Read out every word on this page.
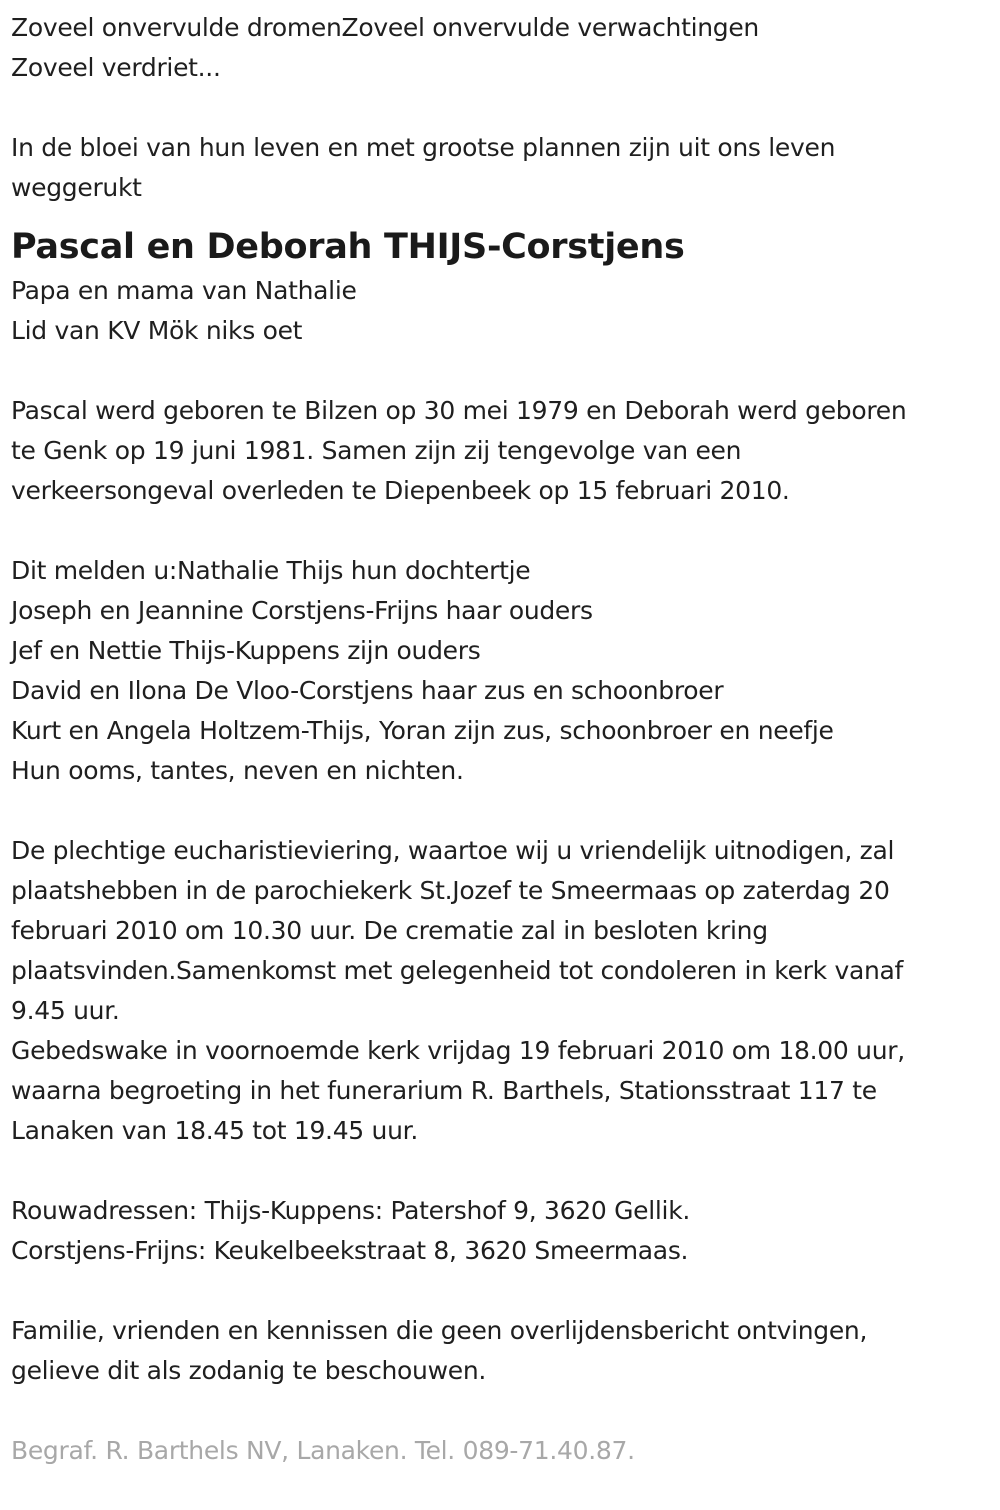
Zoveel onvervulde dromenZoveel onvervulde verwachtingen
Zoveel verdriet...
In de bloei van hun leven en met grootse plannen zijn uit ons leven
weggerukt
Pascal en Deborah THIJS-Corstjens
Papa en mama van Nathalie
Lid van KV Mök niks oet
Pascal werd geboren te Bilzen op 30 mei 1979 en Deborah werd geboren
te Genk op 19 juni 1981. Samen zijn zij tengevolge van een
verkeersongeval overleden te Diepenbeek op 15 februari 2010.
Dit melden u:Nathalie Thijs hun dochtertje
Joseph en Jeannine Corstjens-Frijns haar ouders
Jef en Nettie Thijs-Kuppens zijn ouders
David en Ilona De Vloo-Corstjens haar zus en schoonbroer
Kurt en Angela Holtzem-Thijs, Yoran zijn zus, schoonbroer en neefje
Hun ooms, tantes, neven en nichten.
De plechtige eucharistieviering, waartoe wij u vriendelijk uitnodigen, zal
plaatshebben in de parochiekerk St.Jozef te Smeermaas op zaterdag 20
februari 2010 om 10.30 uur. De crematie zal in besloten kring
plaatsvinden.Samenkomst met gelegenheid tot condoleren in kerk vanaf
9.45 uur.
Gebedswake in voornoemde kerk vrijdag 19 februari 2010 om 18.00 uur,
waarna begroeting in het funerarium R. Barthels, Stationsstraat 117 te
Lanaken van 18.45 tot 19.45 uur.
Rouwadressen: Thijs-Kuppens: Patershof 9, 3620 Gellik.
Corstjens-Frijns: Keukelbeekstraat 8, 3620 Smeermaas.
Familie, vrienden en kennissen die geen overlijdensbericht ontvingen,
gelieve dit als zodanig te beschouwen.
Begraf. R. Barthels NV, Lanaken. Tel. 089-71.40.87.
